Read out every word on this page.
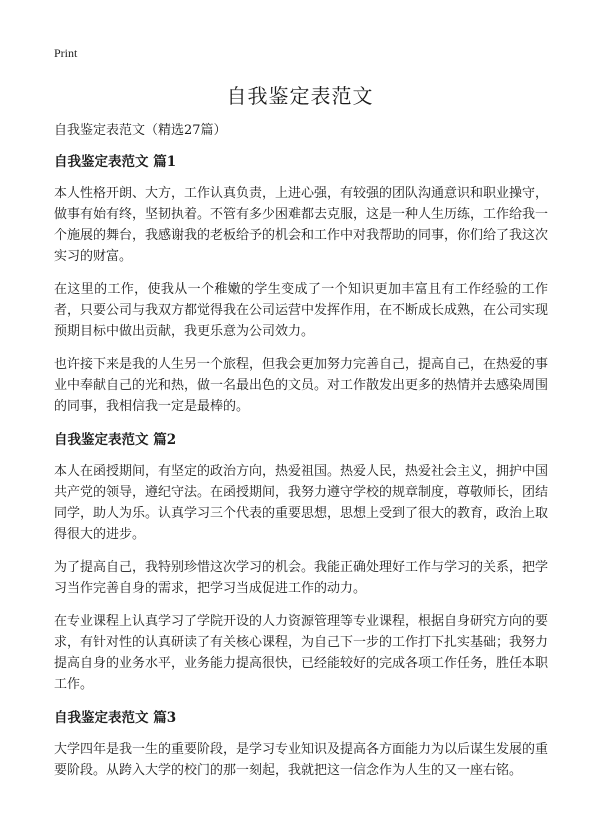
Print
自我鉴定表范文

自我鉴定表范文（精选27篇）

自我鉴定表范文 篇1

本人性格开朗、大方，工作认真负责，上进心强，有较强的团队沟通意识和职业操守，做事有始有终，坚韧执着。不管有多少困难都去克服，这是一种人生历练，工作给我一个施展的舞台，我感谢我的老板给予的机会和工作中对我帮助的同事，你们给了我这次实习的财富。

在这里的工作，使我从一个稚嫩的学生变成了一个知识更加丰富且有工作经验的工作者，只要公司与我双方都觉得我在公司运营中发挥作用，在不断成长成熟，在公司实现预期目标中做出贡献，我更乐意为公司效力。

也许接下来是我的人生另一个旅程，但我会更加努力完善自己，提高自己，在热爱的事业中奉献自己的光和热，做一名最出色的文员。对工作散发出更多的热情并去感染周围的同事，我相信我一定是最棒的。

自我鉴定表范文 篇2

本人在函授期间，有坚定的政治方向，热爱祖国。热爱人民，热爱社会主义，拥护中国共产党的领导，遵纪守法。在函授期间，我努力遵守学校的规章制度，尊敬师长，团结同学，助人为乐。认真学习三个代表的重要思想，思想上受到了很大的教育，政治上取得很大的进步。

为了提高自己，我特别珍惜这次学习的机会。我能正确处理好工作与学习的关系，把学习当作完善自身的需求，把学习当成促进工作的动力。

在专业课程上认真学习了学院开设的人力资源管理等专业课程，根据自身研究方向的要求，有针对性的认真研读了有关核心课程，为自己下一步的工作打下扎实基础；我努力提高自身的业务水平，业务能力提高很快，已经能较好的完成各项工作任务，胜任本职工作。

自我鉴定表范文 篇3

大学四年是我一生的重要阶段，是学习专业知识及提高各方面能力为以后谋生发展的重要阶段。从跨入大学的校门的那一刻起，我就把这一信念作为人生的又一座右铭。
